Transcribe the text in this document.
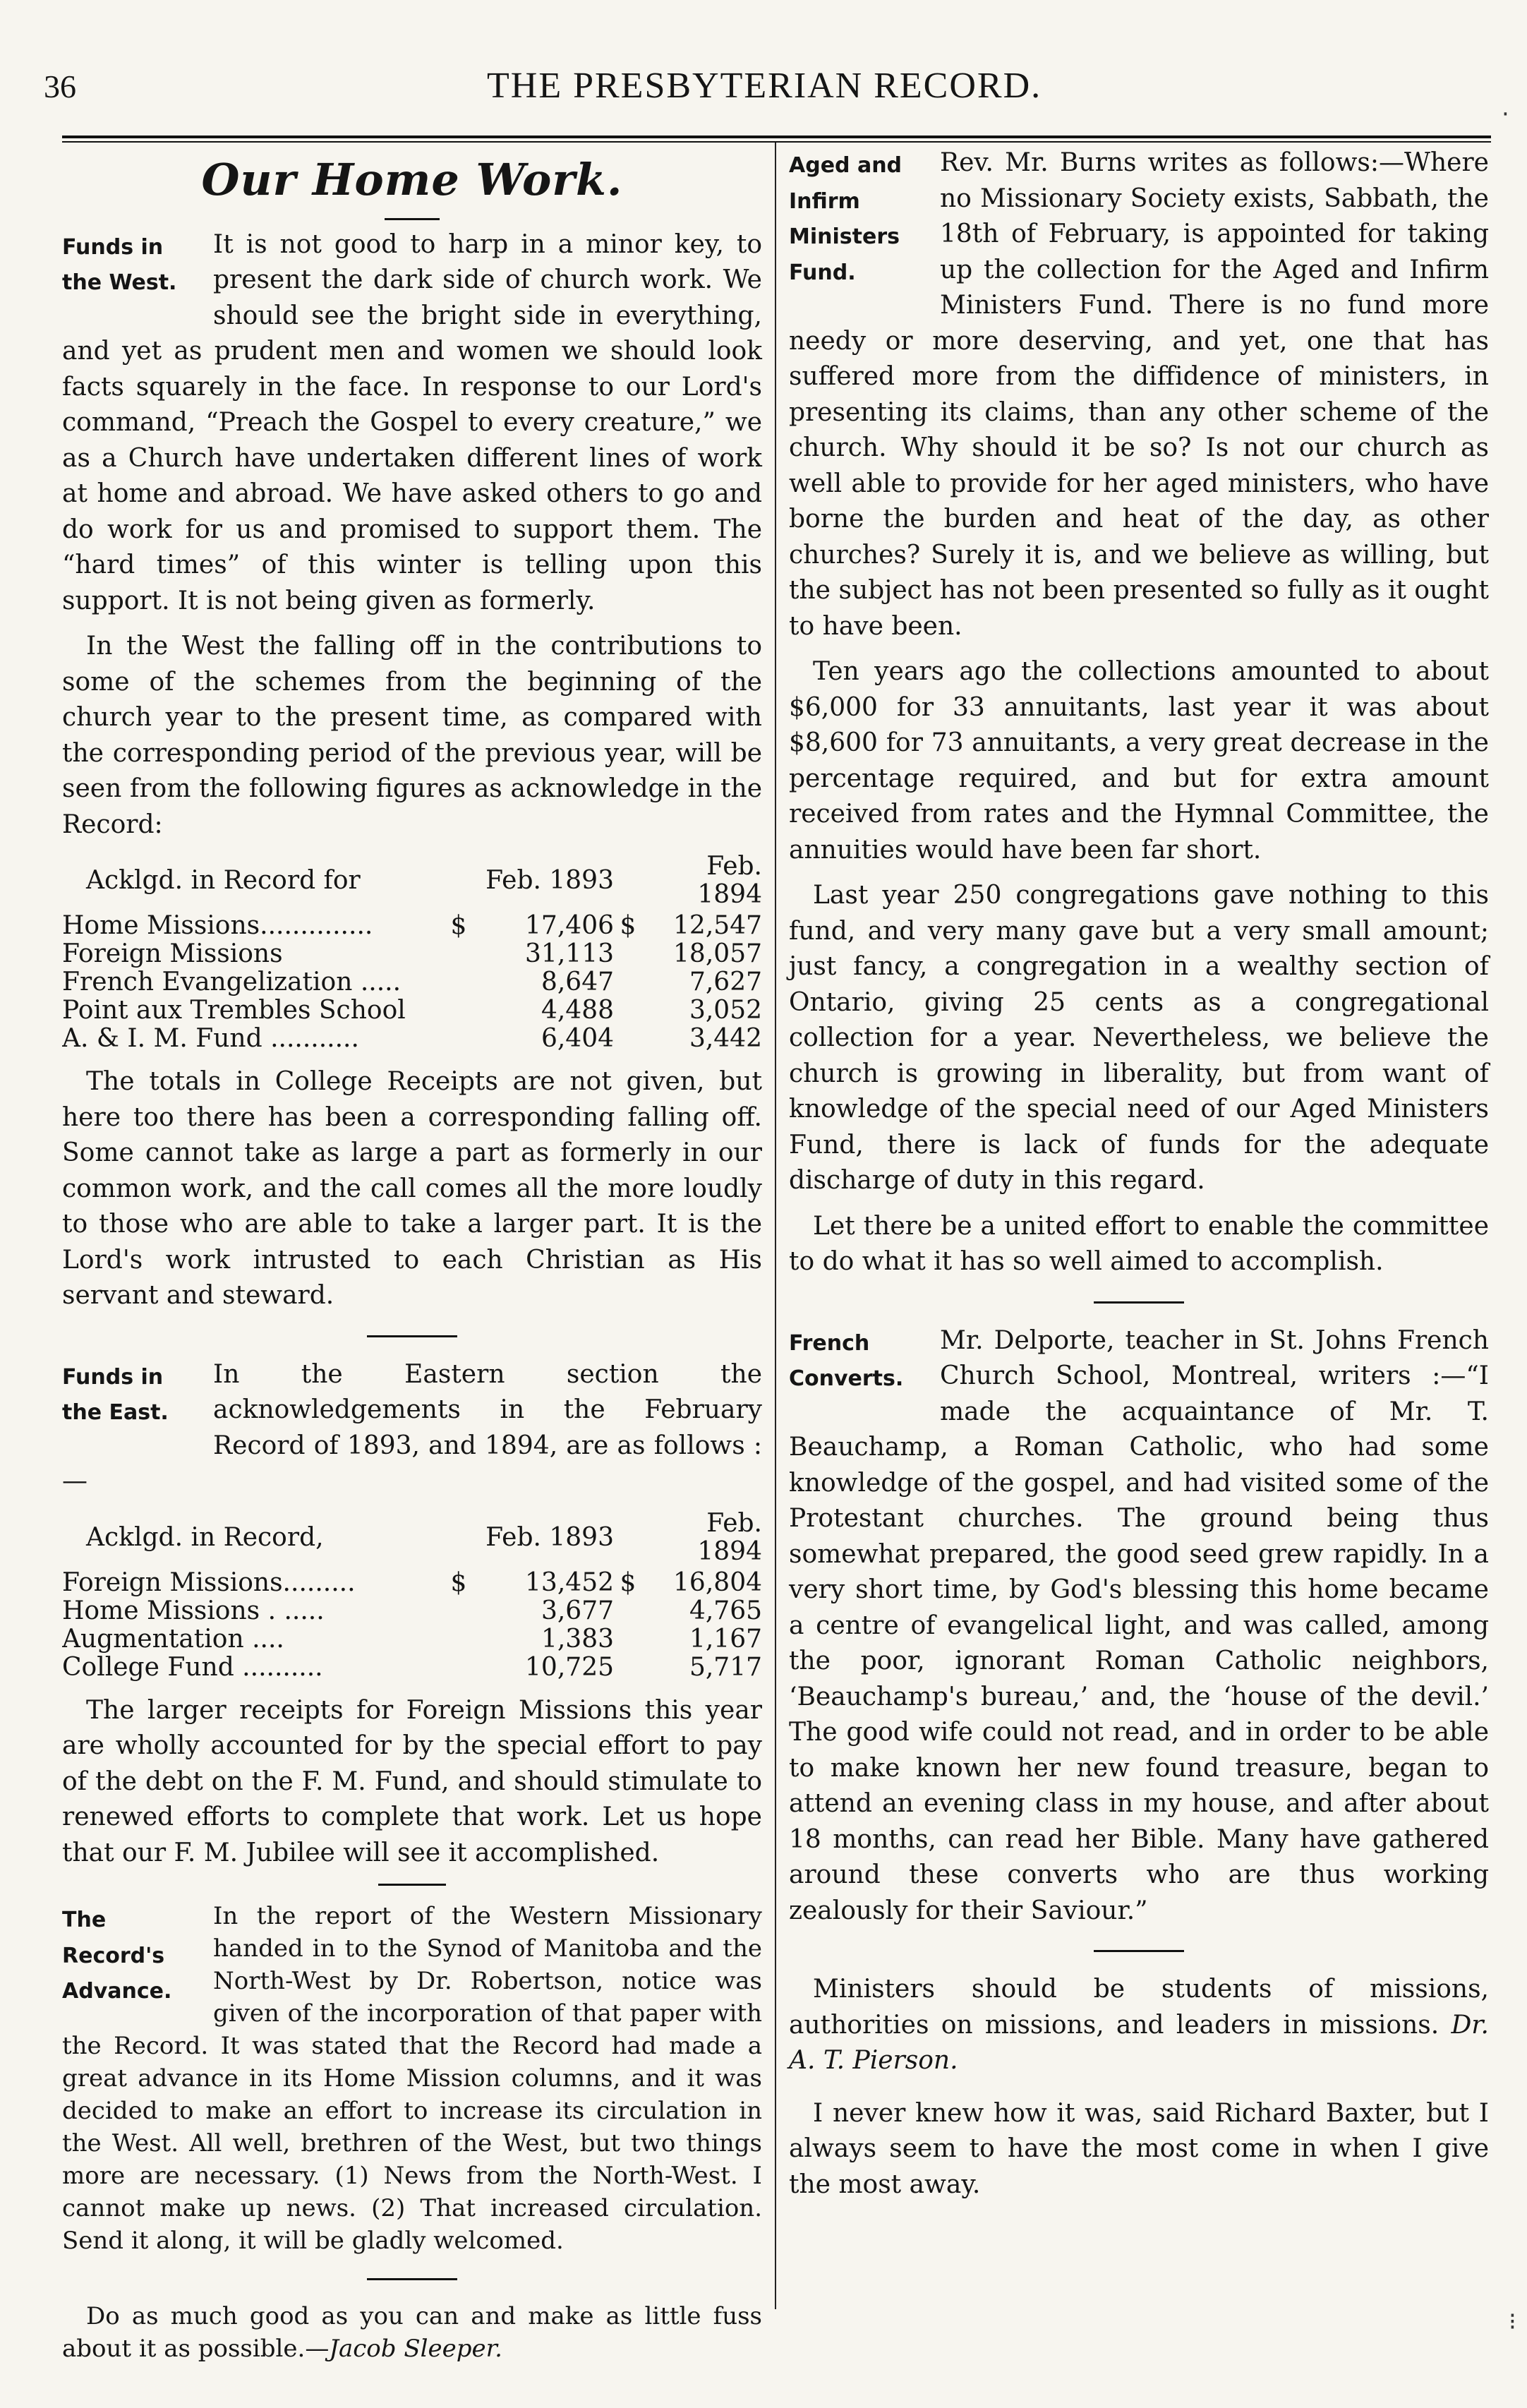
36	THE PRESBYTERIAN RECORD.
Our Home Work.
Funds in the West.

It is not good to harp in a minor key, to present the dark side of church work. We should see the bright side in everything, and yet as prudent men and women we should look facts squarely in the face. In response to our Lord's command, “Preach the Gospel to every creature,” we as a Church have undertaken different lines of work at home and abroad. We have asked others to go and do work for us and promised to support them. The “hard times” of this winter is telling upon this support. It is not being given as formerly.

In the West the falling off in the contributions to some of the schemes from the beginning of the church year to the present time, as compared with the corresponding period of the previous year, will be seen from the following figures as acknowledge in the Record:

Acklgd. in Record for		Feb. 1893		Feb. 1894
Home Missions..............	$	17,406	$	12,547
Foreign Missions		31,113		18,057
French Evangelization .....		8,647		7,627
Point aux Trembles School		4,488		3,052
A. & I. M. Fund ...........		6,404		3,442

The totals in College Receipts are not given, but here too there has been a corresponding falling off. Some cannot take as large a part as formerly in our common work, and the call comes all the more loudly to those who are able to take a larger part. It is the Lord's work intrusted to each Christian as His servant and steward.

Funds in the East.

In the Eastern section the acknowledgements in the February Record of 1893, and 1894, are as follows :—

Acklgd. in Record,		Feb. 1893		Feb. 1894
Foreign Missions.........	$	13,452	$	16,804
Home Missions . .....		3,677		4,765
Augmentation ....		1,383		1,167
College Fund ..........		10,725		5,717

The larger receipts for Foreign Missions this year are wholly accounted for by the special effort to pay of the debt on the F. M. Fund, and should stimulate to renewed efforts to complete that work. Let us hope that our F. M. Jubilee will see it accomplished.

The Record's Advance.

In the report of the Western Missionary handed in to the Synod of Manitoba and the North-West by Dr. Robertson, notice was given of the incorporation of that paper with the Record. It was stated that the Record had made a great advance in its Home Mission columns, and it was decided to make an effort to increase its circulation in the West. All well, brethren of the West, but two things more are necessary. (1) News from the North-West. I cannot make up news. (2) That increased circulation. Send it along, it will be gladly welcomed.

Do as much good as you can and make as little fuss about it as possible.—Jacob Sleeper.

Aged and Infirm Ministers Fund.

Rev. Mr. Burns writes as follows:—Where no Missionary Society exists, Sabbath, the 18th of February, is appointed for taking up the collection for the Aged and Infirm Ministers Fund. There is no fund more needy or more deserving, and yet, one that has suffered more from the diffidence of ministers, in presenting its claims, than any other scheme of the church. Why should it be so? Is not our church as well able to provide for her aged ministers, who have borne the burden and heat of the day, as other churches? Surely it is, and we believe as willing, but the subject has not been presented so fully as it ought to have been.

Ten years ago the collections amounted to about $6,000 for 33 annuitants, last year it was about $8,600 for 73 annuitants, a very great decrease in the percentage required, and but for extra amount received from rates and the Hymnal Committee, the annuities would have been far short.

Last year 250 congregations gave nothing to this fund, and very many gave but a very small amount; just fancy, a congregation in a wealthy section of Ontario, giving 25 cents as a congregational collection for a year. Nevertheless, we believe the church is growing in liberality, but from want of knowledge of the special need of our Aged Ministers Fund, there is lack of funds for the adequate discharge of duty in this regard.

Let there be a united effort to enable the committee to do what it has so well aimed to accomplish.

French Converts.

Mr. Delporte, teacher in St. Johns French Church School, Montreal, writers :—“I made the acquaintance of Mr. T. Beauchamp, a Roman Catholic, who had some knowledge of the gospel, and had visited some of the Protestant churches. The ground being thus somewhat prepared, the good seed grew rapidly. In a very short time, by God's blessing this home became a centre of evangelical light, and was called, among the poor, ignorant Roman Catholic neighbors, ‘Beauchamp's bureau,’ and, the ‘house of the devil.’ The good wife could not read, and in order to be able to make known her new found treasure, began to attend an evening class in my house, and after about 18 months, can read her Bible. Many have gathered around these converts who are thus working zealously for their Saviour.”

Ministers should be students of missions, authorities on missions, and leaders in missions. Dr. A. T. Pierson.

I never knew how it was, said Richard Baxter, but I always seem to have the most come in when I give the most away.

·
⁝
